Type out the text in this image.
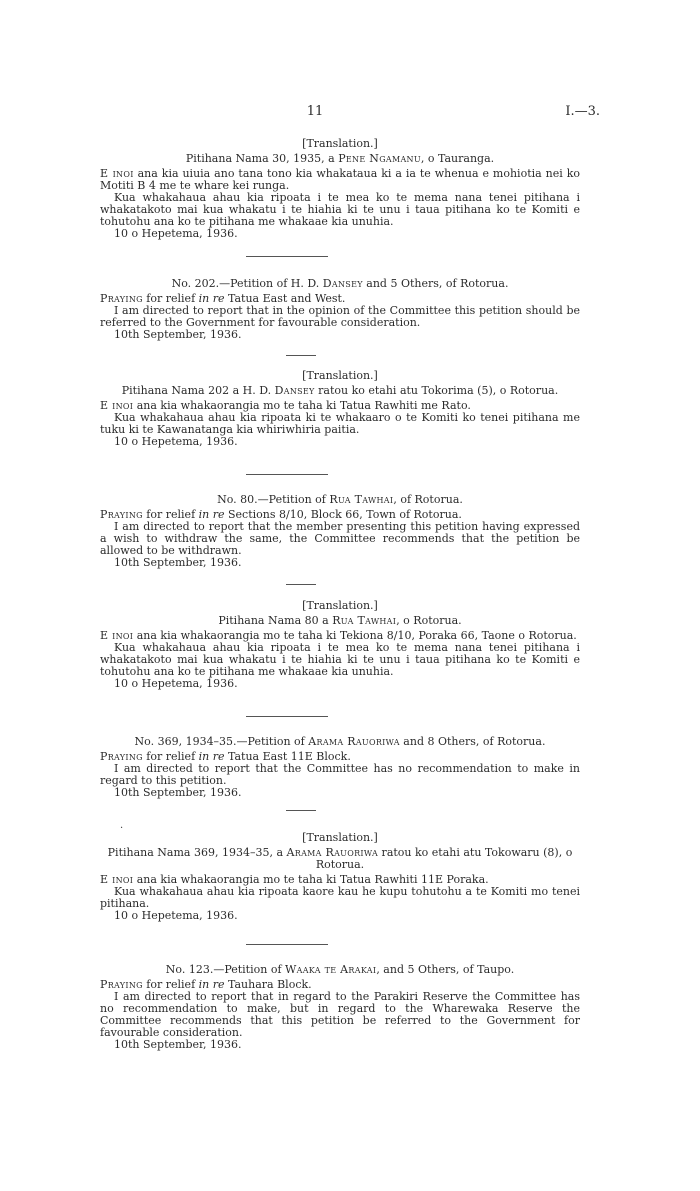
11	I.—3.
[Translation.]
Pitihana Nama 30, 1935, a Pene Ngamanu, o Tauranga.
E inoi ana kia uiuia ano tana tono kia whakataua ki a ia te whenua e mohiotia nei ko Motiti B 4 me te whare kei runga.
Kua whakahaua ahau kia ripoata i te mea ko te mema nana tenei pitihana i whakatakoto mai kua whakatu i te hiahia ki te unu i taua pitihana ko te Komiti e tohutohu ana ko te pitihana me whakaae kia unuhia.
10 o Hepetema, 1936.
No. 202.—Petition of H. D. Dansey and 5 Others, of Rotorua.
Praying for relief in re Tatua East and West.
I am directed to report that in the opinion of the Committee this petition should be referred to the Government for favourable consideration.
10th September, 1936.
[Translation.]
Pitihana Nama 202 a H. D. Dansey ratou ko etahi atu Tokorima (5), o Rotorua.
E inoi ana kia whakaorangia mo te taha ki Tatua Rawhiti me Rato.
Kua whakahaua ahau kia ripoata ki te whakaaro o te Komiti ko tenei pitihana me tuku ki te Kawanatanga kia whiriwhiria paitia.
10 o Hepetema, 1936.
No. 80.—Petition of Rua Tawhai, of Rotorua.
Praying for relief in re Sections 8/10, Block 66, Town of Rotorua.
I am directed to report that the member presenting this petition having expressed a wish to withdraw the same, the Committee recommends that the petition be allowed to be withdrawn.
10th September, 1936.
[Translation.]
Pitihana Nama 80 a Rua Tawhai, o Rotorua.
E inoi ana kia whakaorangia mo te taha ki Tekiona 8/10, Poraka 66, Taone o Rotorua.
Kua whakahaua ahau kia ripoata i te mea ko te mema nana tenei pitihana i whakatakoto mai kua whakatu i te hiahia ki te unu i taua pitihana ko te Komiti e tohutohu ana ko te pitihana me whakaae kia unuhia.
10 o Hepetema, 1936.
No. 369, 1934–35.—Petition of Arama Rauoriwa and 8 Others, of Rotorua.
Praying for relief in re Tatua East 11E Block.
I am directed to report that the Committee has no recommendation to make in regard to this petition.
10th September, 1936.
·
[Translation.]
Pitihana Nama 369, 1934–35, a Arama Rauoriwa ratou ko etahi atu Tokowaru (8), o Rotorua.
E inoi ana kia whakaorangia mo te taha ki Tatua Rawhiti 11E Poraka.
Kua whakahaua ahau kia ripoata kaore kau he kupu tohutohu a te Komiti mo tenei pitihana.
10 o Hepetema, 1936.
No. 123.—Petition of Waaka te Arakai, and 5 Others, of Taupo.
Praying for relief in re Tauhara Block.
I am directed to report that in regard to the Parakiri Reserve the Committee has no recommendation to make, but in regard to the Wharewaka Reserve the Committee recommends that this petition be referred to the Government for favourable consideration.
10th September, 1936.
